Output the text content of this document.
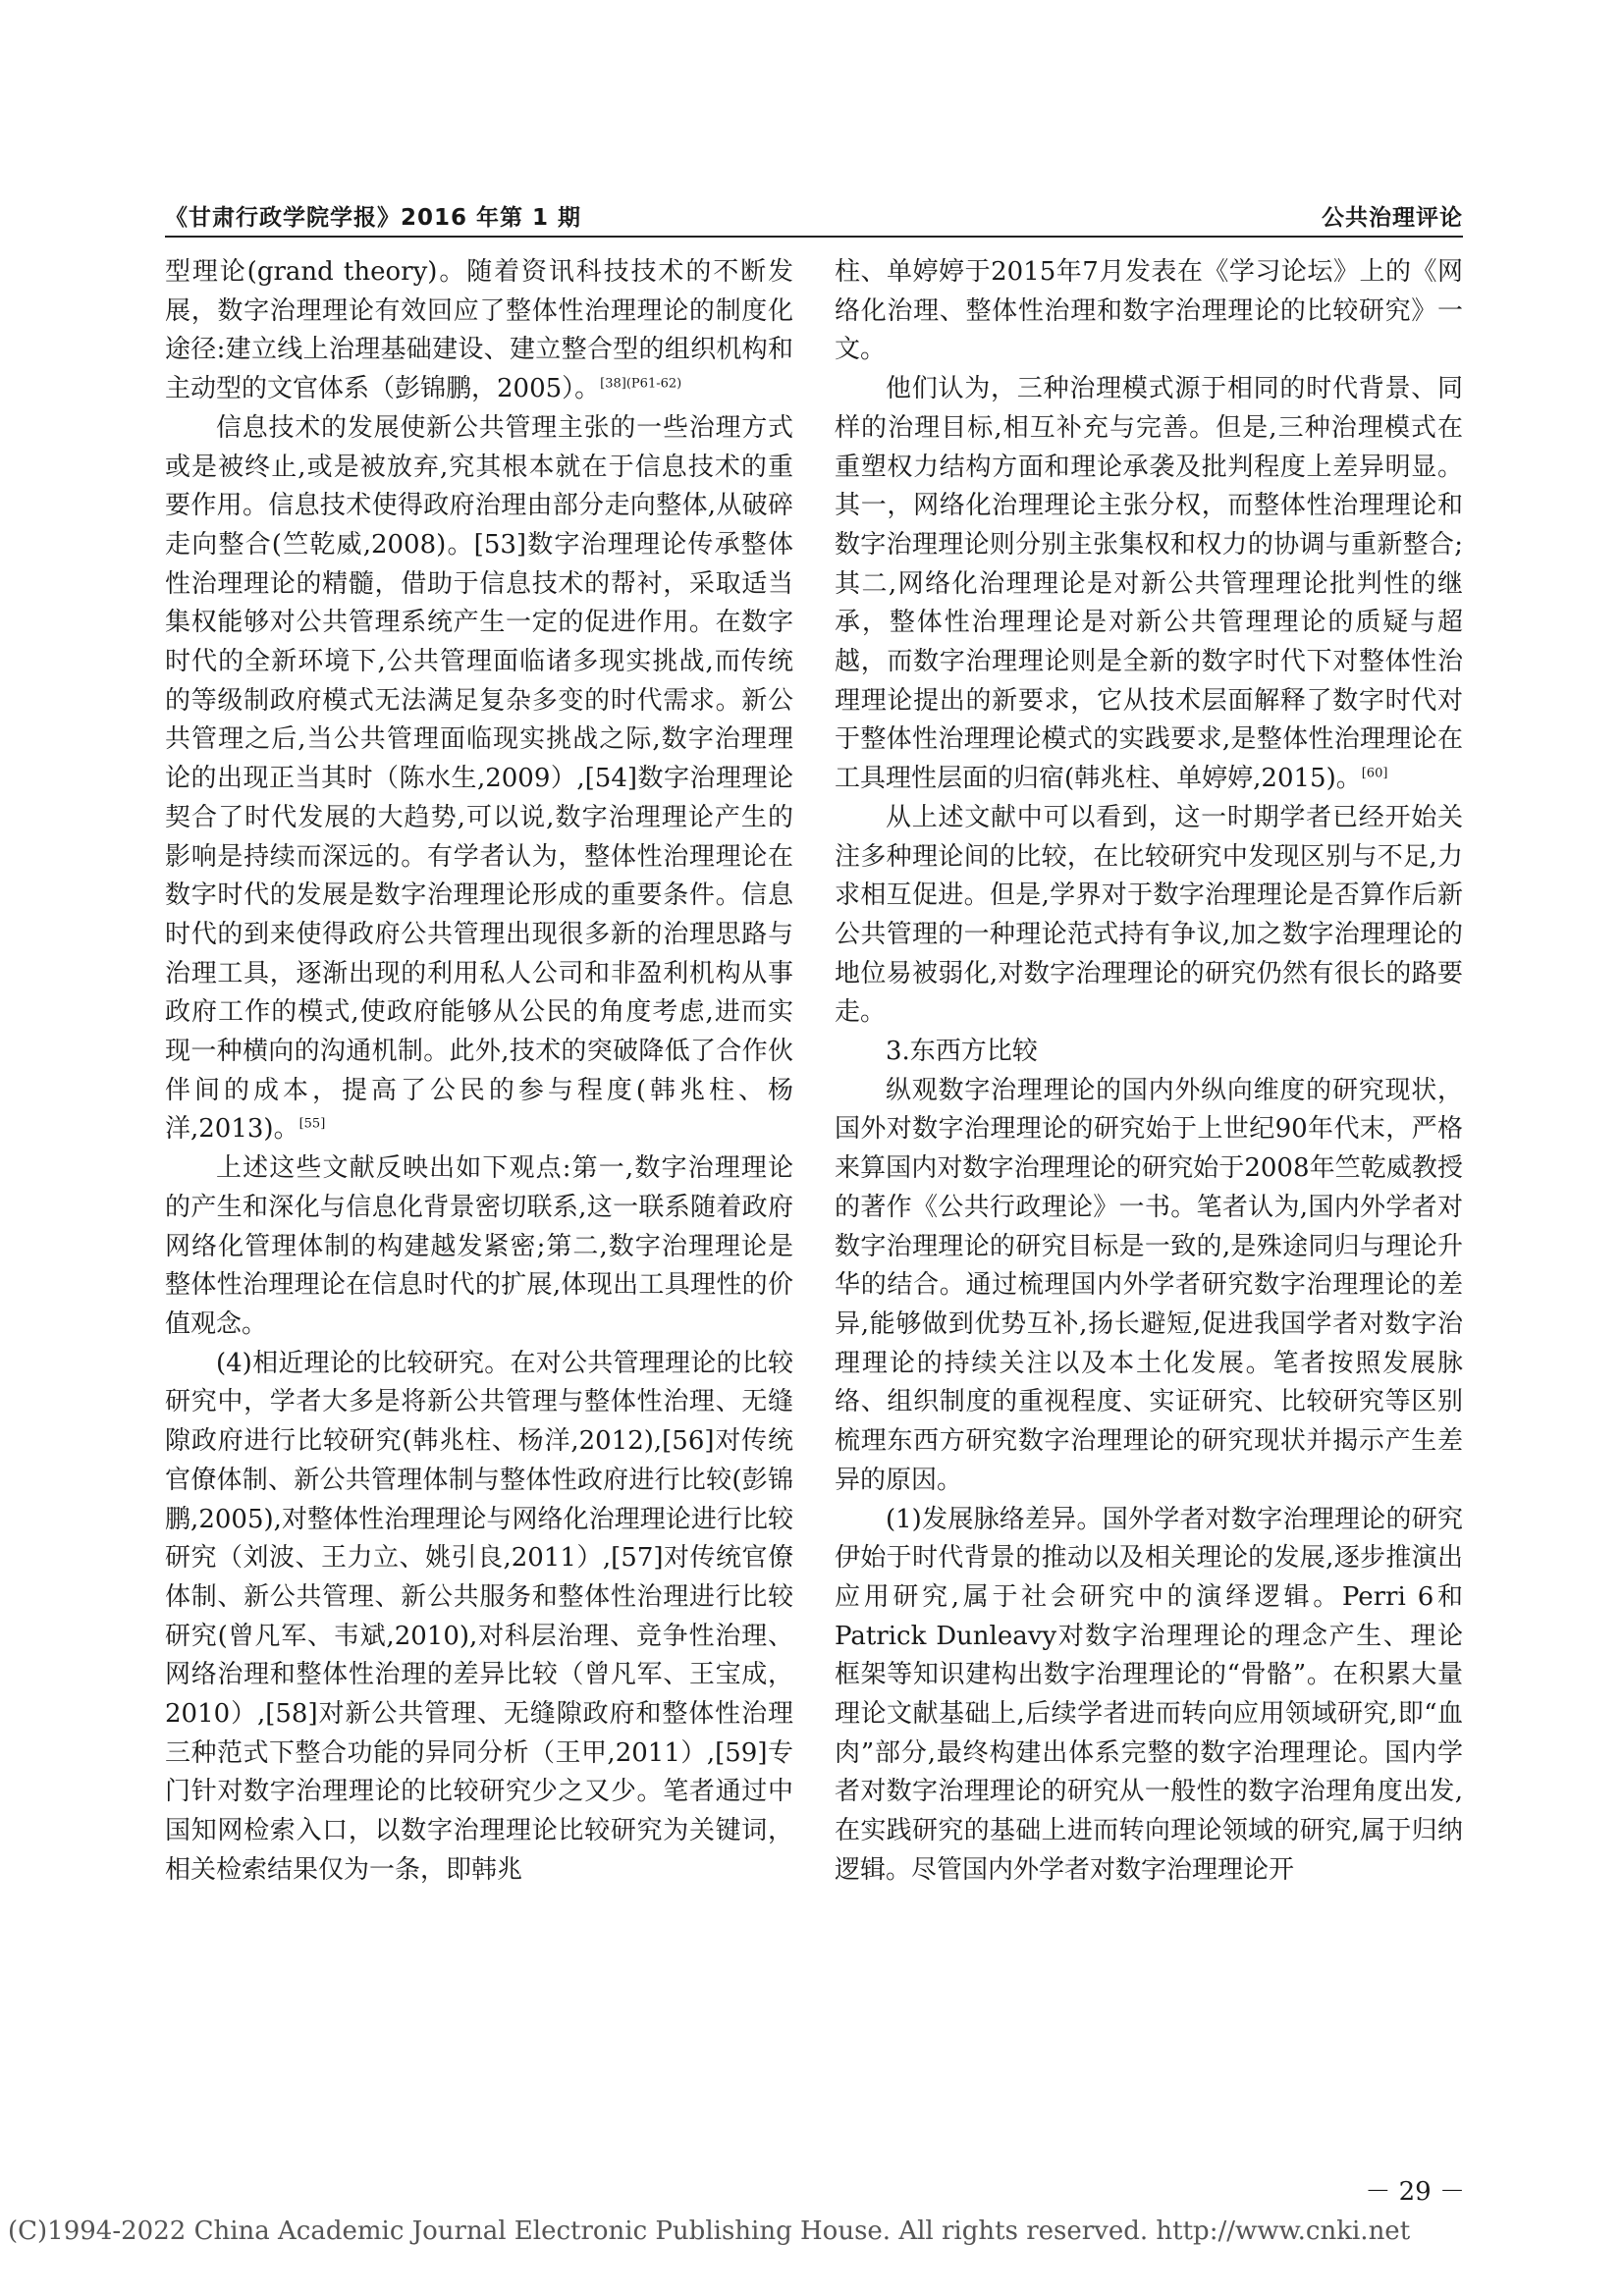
《甘肃行政学院学报》2016 年第 1 期	公共治理评论

型理论(grand theory)。随着资讯科技技术的不断发展，数字治理理论有效回应了整体性治理理论的制度化途径:建立线上治理基础建设、建立整合型的组织机构和主动型的文官体系（彭锦鹏，2005）。$^{[38](P61-62)}$

信息技术的发展使新公共管理主张的一些治理方式或是被终止,或是被放弃,究其根本就在于信息技术的重要作用。信息技术使得政府治理由部分走向整体,从破碎走向整合(竺乾威,2008)。[53]数字治理理论传承整体性治理理论的精髓，借助于信息技术的帮衬，采取适当集权能够对公共管理系统产生一定的促进作用。在数字时代的全新环境下,公共管理面临诸多现实挑战,而传统的等级制政府模式无法满足复杂多变的时代需求。新公共管理之后,当公共管理面临现实挑战之际,数字治理理论的出现正当其时（陈水生,2009）,[54]数字治理理论契合了时代发展的大趋势,可以说,数字治理理论产生的影响是持续而深远的。有学者认为，整体性治理理论在数字时代的发展是数字治理理论形成的重要条件。信息时代的到来使得政府公共管理出现很多新的治理思路与治理工具，逐渐出现的利用私人公司和非盈利机构从事政府工作的模式,使政府能够从公民的角度考虑,进而实现一种横向的沟通机制。此外,技术的突破降低了合作伙伴间的成本，提高了公民的参与程度(韩兆柱、杨洋,2013)。[55]

上述这些文献反映出如下观点:第一,数字治理理论的产生和深化与信息化背景密切联系,这一联系随着政府网络化管理体制的构建越发紧密;第二,数字治理理论是整体性治理理论在信息时代的扩展,体现出工具理性的价值观念。

(4)相近理论的比较研究。在对公共管理理论的比较研究中，学者大多是将新公共管理与整体性治理、无缝隙政府进行比较研究(韩兆柱、杨洋,2012),[56]对传统官僚体制、新公共管理体制与整体性政府进行比较(彭锦鹏,2005),对整体性治理理论与网络化治理理论进行比较研究（刘波、王力立、姚引良,2011）,[57]对传统官僚体制、新公共管理、新公共服务和整体性治理进行比较研究(曾凡军、韦斌,2010),对科层治理、竞争性治理、网络治理和整体性治理的差异比较（曾凡军、王宝成，2010）,[58]对新公共管理、无缝隙政府和整体性治理三种范式下整合功能的异同分析（王甲,2011）,[59]专门针对数字治理理论的比较研究少之又少。笔者通过中国知网检索入口，以数字治理理论比较研究为关键词，相关检索结果仅为一条，即韩兆

柱、单婷婷于2015年7月发表在《学习论坛》上的《网络化治理、整体性治理和数字治理理论的比较研究》一文。

他们认为，三种治理模式源于相同的时代背景、同样的治理目标,相互补充与完善。但是,三种治理模式在重塑权力结构方面和理论承袭及批判程度上差异明显。其一，网络化治理理论主张分权，而整体性治理理论和数字治理理论则分别主张集权和权力的协调与重新整合;其二,网络化治理理论是对新公共管理理论批判性的继承，整体性治理理论是对新公共管理理论的质疑与超越，而数字治理理论则是全新的数字时代下对整体性治理理论提出的新要求，它从技术层面解释了数字时代对于整体性治理理论模式的实践要求,是整体性治理理论在工具理性层面的归宿(韩兆柱、单婷婷,2015)。[60]

从上述文献中可以看到，这一时期学者已经开始关注多种理论间的比较，在比较研究中发现区别与不足,力求相互促进。但是,学界对于数字治理理论是否算作后新公共管理的一种理论范式持有争议,加之数字治理理论的地位易被弱化,对数字治理理论的研究仍然有很长的路要走。

3.东西方比较

纵观数字治理理论的国内外纵向维度的研究现状，国外对数字治理理论的研究始于上世纪90年代末，严格来算国内对数字治理理论的研究始于2008年竺乾威教授的著作《公共行政理论》一书。笔者认为,国内外学者对数字治理理论的研究目标是一致的,是殊途同归与理论升华的结合。通过梳理国内外学者研究数字治理理论的差异,能够做到优势互补,扬长避短,促进我国学者对数字治理理论的持续关注以及本土化发展。笔者按照发展脉络、组织制度的重视程度、实证研究、比较研究等区别梳理东西方研究数字治理理论的研究现状并揭示产生差异的原因。

(1)发展脉络差异。国外学者对数字治理理论的研究伊始于时代背景的推动以及相关理论的发展,逐步推演出应用研究,属于社会研究中的演绎逻辑。Perri 6和Patrick Dunleavy对数字治理理论的理念产生、理论框架等知识建构出数字治理理论的“骨骼”。在积累大量理论文献基础上,后续学者进而转向应用领域研究,即“血肉”部分,最终构建出体系完整的数字治理理论。国内学者对数字治理理论的研究从一般性的数字治理角度出发,在实践研究的基础上进而转向理论领域的研究,属于归纳逻辑。尽管国内外学者对数字治理理论开

－ 29 －
(C)1994-2022 China Academic Journal Electronic Publishing House. All rights reserved. http://www.cnki.net
